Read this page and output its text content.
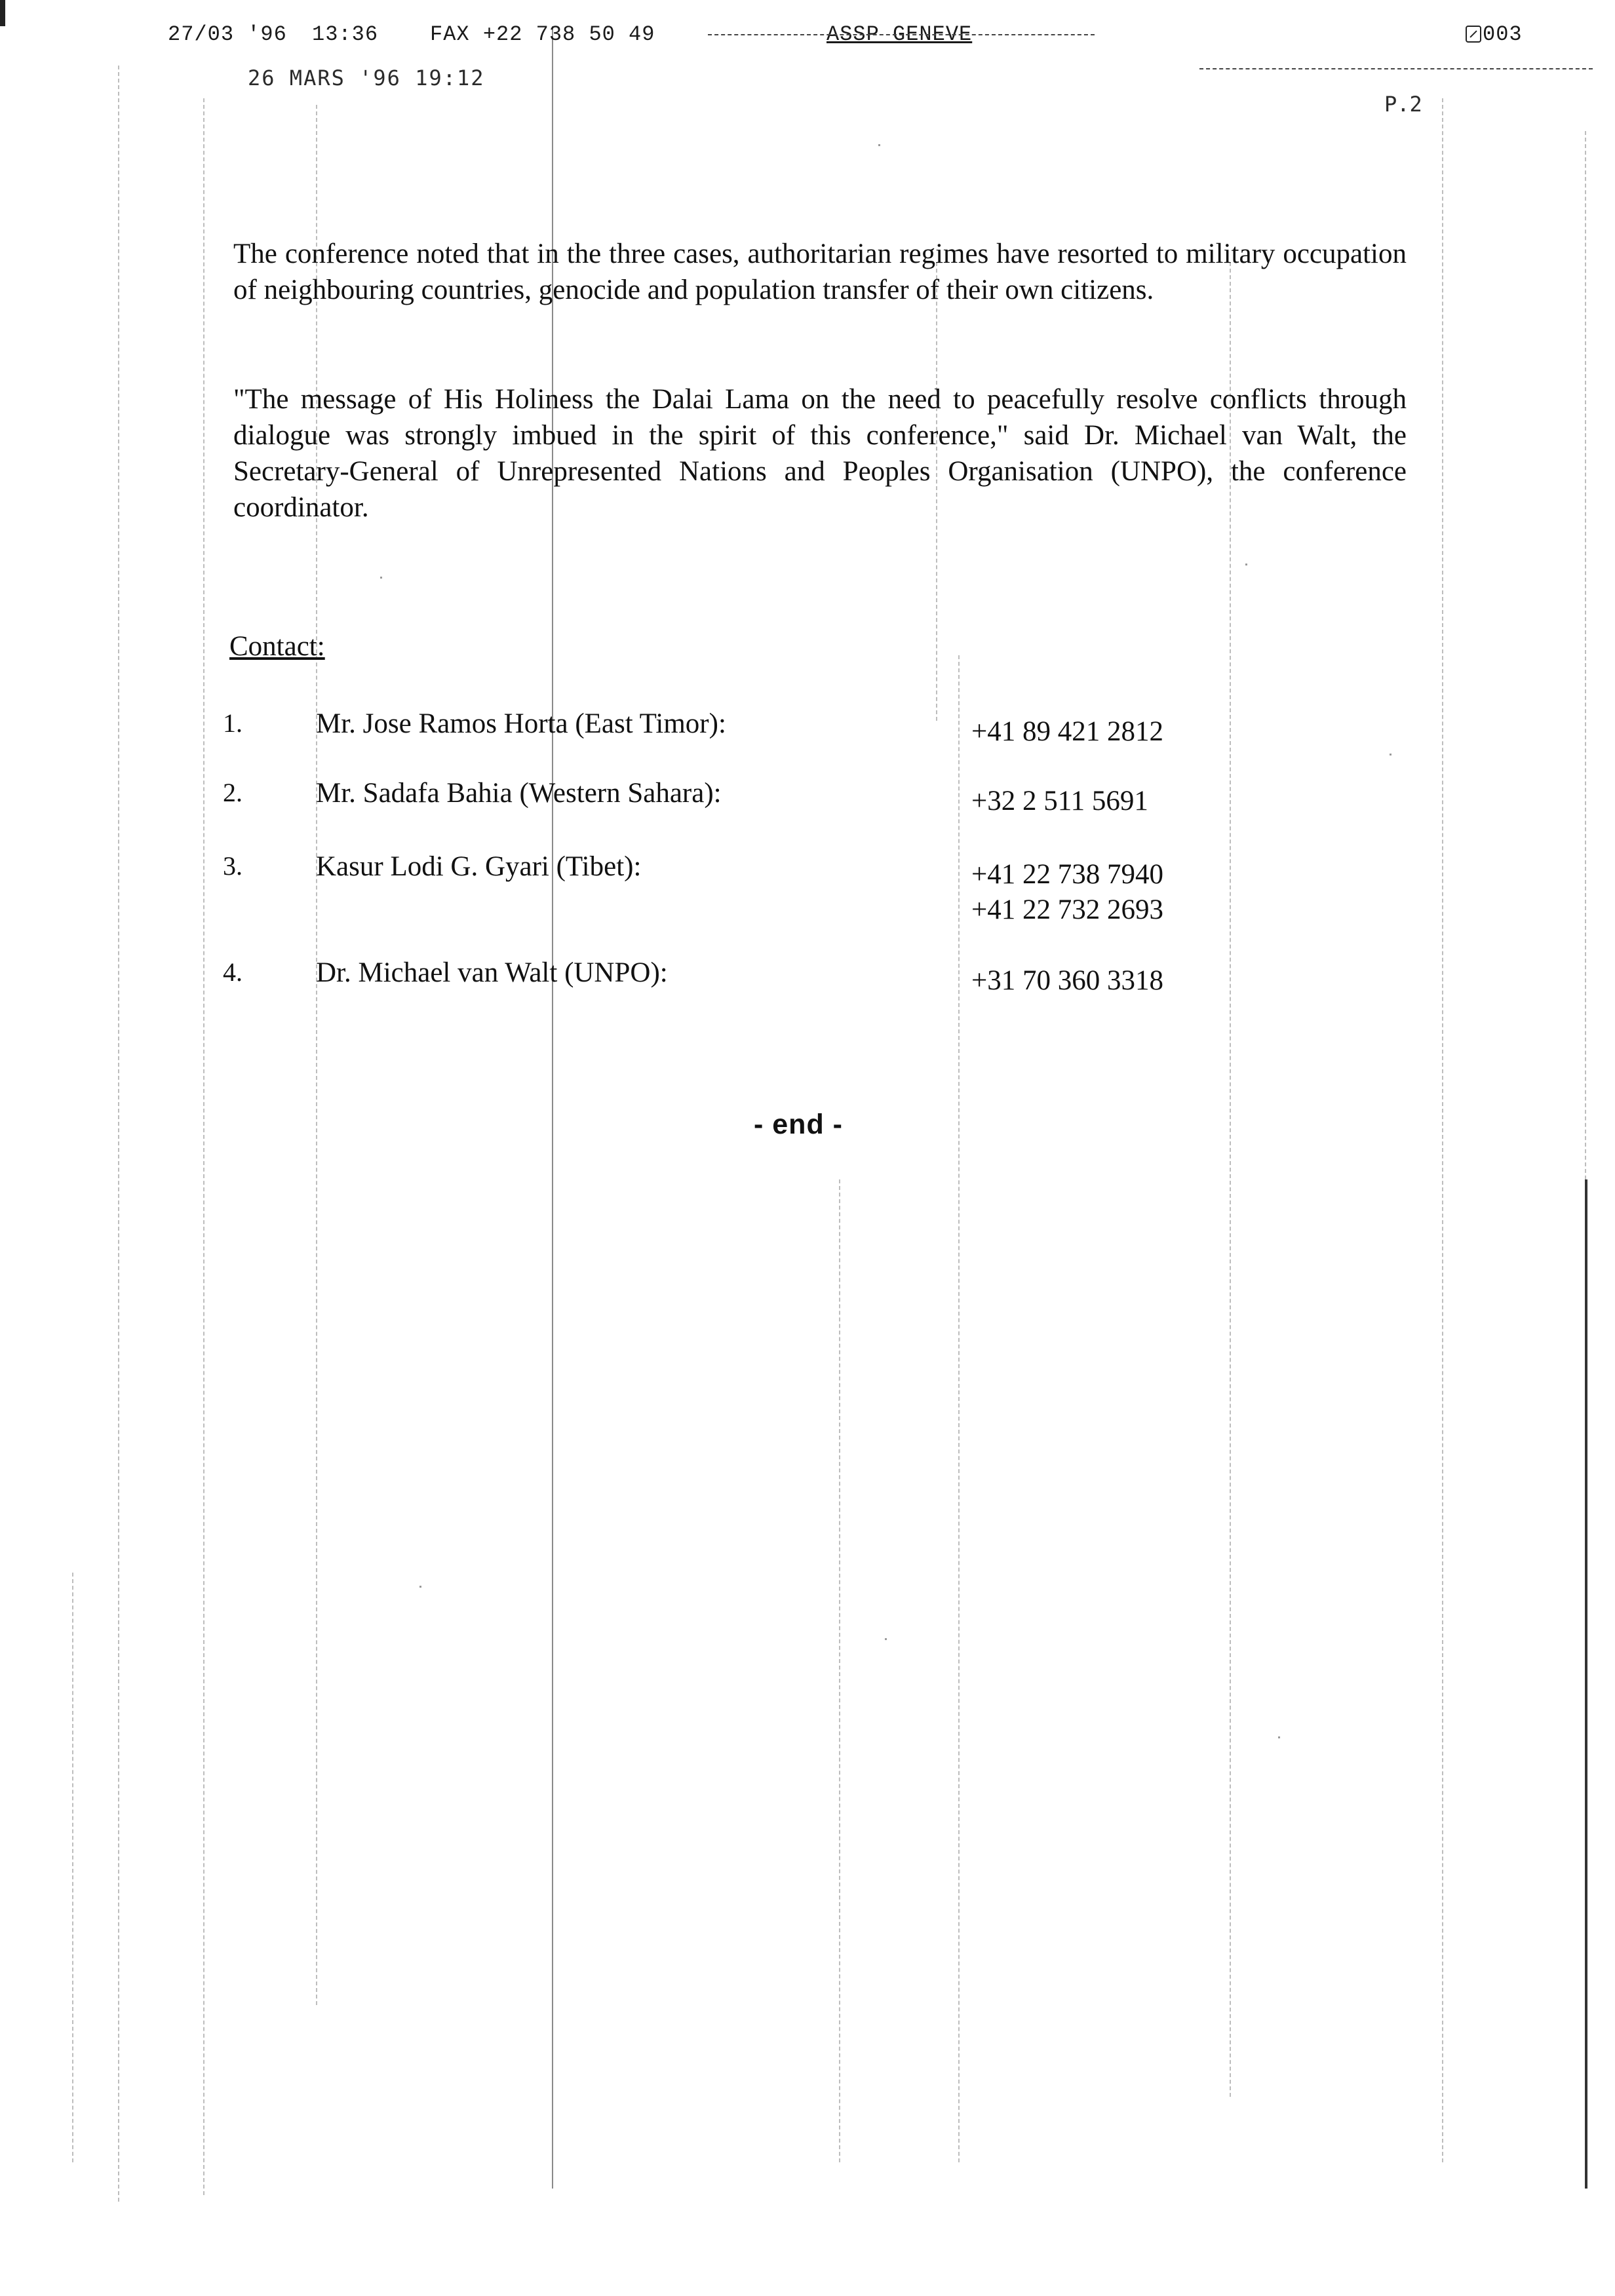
27/03 '96 13:36 FAX +22 738 50 49	ASSP GENEVE	003
26 MARS '96 19:12
P.2

The conference noted that in the three cases, authoritarian regimes have resorted to military occupation of neighbouring countries, genocide and population transfer of their own citizens.

"The message of His Holiness the Dalai Lama on the need to peacefully resolve conflicts through dialogue was strongly imbued in the spirit of this conference," said Dr. Michael van Walt, the Secretary-General of Unrepresented Nations and Peoples Organisation (UNPO), the conference coordinator.

Contact:
1.	Mr. Jose Ramos Horta (East Timor):	+41 89 421 2812
2.	Mr. Sadafa Bahia (Western Sahara):	+32 2 511 5691
3.	Kasur Lodi G. Gyari (Tibet):	+41 22 738 7940
+41 22 732 2693
4.	Dr. Michael van Walt (UNPO):	+31 70 360 3318
- end -
